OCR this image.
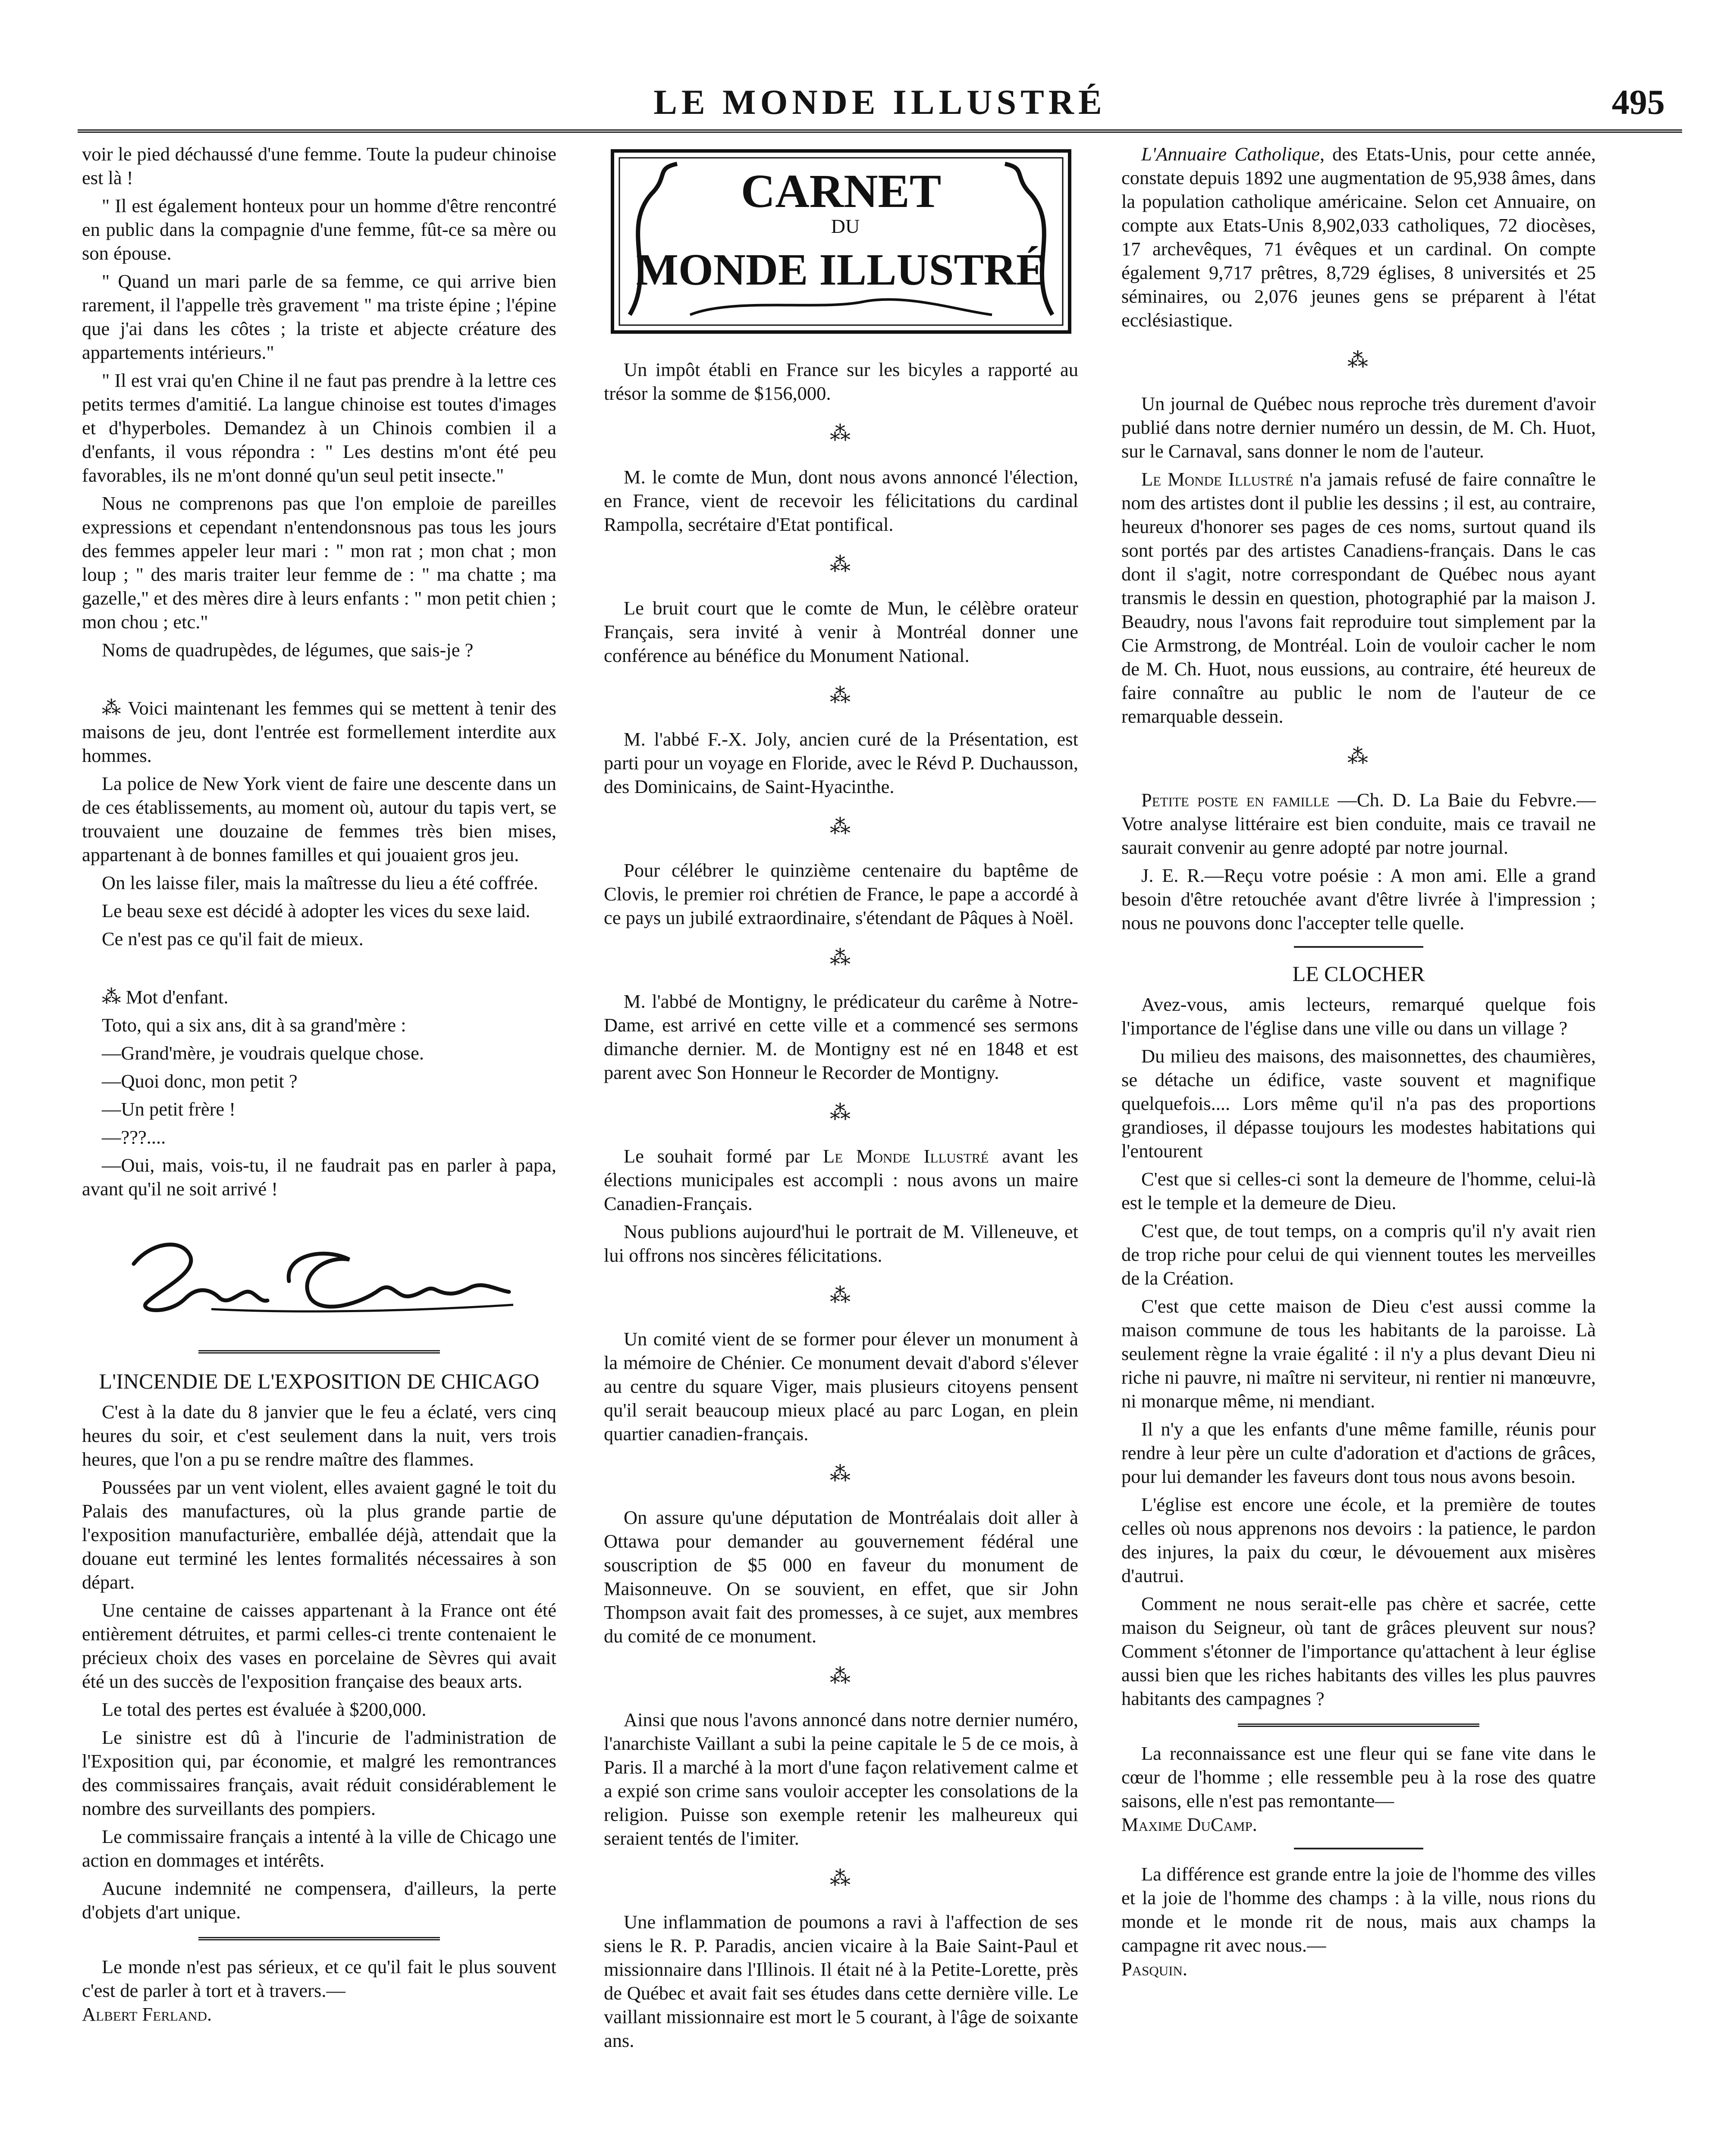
LE MONDE ILLUSTRÉ	495

voir le pied déchaussé d'une femme. Toute la pudeur chinoise est là !

" Il est également honteux pour un homme d'être rencontré en public dans la compagnie d'une femme, fût-ce sa mère ou son épouse.

" Quand un mari parle de sa femme, ce qui arrive bien rarement, il l'appelle très gravement " ma triste épine ; l'épine que j'ai dans les côtes ; la triste et abjecte créature des appartements intérieurs."

" Il est vrai qu'en Chine il ne faut pas prendre à la lettre ces petits termes d'amitié. La langue chinoise est toutes d'images et d'hyperboles. Demandez à un Chinois combien il a d'enfants, il vous répondra : " Les destins m'ont été peu favorables, ils ne m'ont donné qu'un seul petit insecte."

Nous ne comprenons pas que l'on emploie de pareilles expressions et cependant n'entendonsnous pas tous les jours des femmes appeler leur mari : " mon rat ; mon chat ; mon loup ; " des maris traiter leur femme de : " ma chatte ; ma gazelle," et des mères dire à leurs enfants : " mon petit chien ; mon chou ; etc."

Noms de quadrupèdes, de légumes, que sais-je ?

⁂ Voici maintenant les femmes qui se mettent à tenir des maisons de jeu, dont l'entrée est formellement interdite aux hommes.

La police de New York vient de faire une descente dans un de ces établissements, au moment où, autour du tapis vert, se trouvaient une douzaine de femmes très bien mises, appartenant à de bonnes familles et qui jouaient gros jeu.

On les laisse filer, mais la maîtresse du lieu a été coffrée.

Le beau sexe est décidé à adopter les vices du sexe laid.

Ce n'est pas ce qu'il fait de mieux.

⁂ Mot d'enfant.

Toto, qui a six ans, dit à sa grand'mère :

—Grand'mère, je voudrais quelque chose.

—Quoi donc, mon petit ?

—Un petit frère !

—???....

—Oui, mais, vois-tu, il ne faudrait pas en parler à papa, avant qu'il ne soit arrivé !

L'INCENDIE DE L'EXPOSITION DE CHICAGO

C'est à la date du 8 janvier que le feu a éclaté, vers cinq heures du soir, et c'est seulement dans la nuit, vers trois heures, que l'on a pu se rendre maître des flammes.

Poussées par un vent violent, elles avaient gagné le toit du Palais des manufactures, où la plus grande partie de l'exposition manufacturière, emballée déjà, attendait que la douane eut terminé les lentes formalités nécessaires à son départ.

Une centaine de caisses appartenant à la France ont été entièrement détruites, et parmi celles-ci trente contenaient le précieux choix des vases en porcelaine de Sèvres qui avait été un des succès de l'exposition française des beaux arts.

Le total des pertes est évaluée à $200,000.

Le sinistre est dû à l'incurie de l'administration de l'Exposition qui, par économie, et malgré les remontrances des commissaires français, avait réduit considérablement le nombre des surveillants des pompiers.

Le commissaire français a intenté à la ville de Chicago une action en dommages et intérêts.

Aucune indemnité ne compensera, d'ailleurs, la perte d'objets d'art unique.

Le monde n'est pas sérieux, et ce qu'il fait le plus souvent c'est de parler à tort et à travers.—
Albert Ferland.

CARNET
DU
MONDE ILLUSTRÉ

Un impôt établi en France sur les bicyles a rapporté au trésor la somme de $156,000.

⁂

M. le comte de Mun, dont nous avons annoncé l'élection, en France, vient de recevoir les félicitations du cardinal Rampolla, secrétaire d'Etat pontifical.

⁂

Le bruit court que le comte de Mun, le célèbre orateur Français, sera invité à venir à Montréal donner une conférence au bénéfice du Monument National.

⁂

M. l'abbé F.-X. Joly, ancien curé de la Présentation, est parti pour un voyage en Floride, avec le Révd P. Duchausson, des Dominicains, de Saint-Hyacinthe.

⁂

Pour célébrer le quinzième centenaire du baptême de Clovis, le premier roi chrétien de France, le pape a accordé à ce pays un jubilé extraordinaire, s'étendant de Pâques à Noël.

⁂

M. l'abbé de Montigny, le prédicateur du carême à Notre-Dame, est arrivé en cette ville et a commencé ses sermons dimanche dernier. M. de Montigny est né en 1848 et est parent avec Son Honneur le Recorder de Montigny.

⁂

Le souhait formé par Le Monde Illustré avant les élections municipales est accompli : nous avons un maire Canadien-Français.

Nous publions aujourd'hui le portrait de M. Villeneuve, et lui offrons nos sincères félicitations.

⁂

Un comité vient de se former pour élever un monument à la mémoire de Chénier. Ce monument devait d'abord s'élever au centre du square Viger, mais plusieurs citoyens pensent qu'il serait beaucoup mieux placé au parc Logan, en plein quartier canadien-français.

⁂

On assure qu'une députation de Montréalais doit aller à Ottawa pour demander au gouvernement fédéral une souscription de $5 000 en faveur du monument de Maisonneuve. On se souvient, en effet, que sir John Thompson avait fait des promesses, à ce sujet, aux membres du comité de ce monument.

⁂

Ainsi que nous l'avons annoncé dans notre dernier numéro, l'anarchiste Vaillant a subi la peine capitale le 5 de ce mois, à Paris. Il a marché à la mort d'une façon relativement calme et a expié son crime sans vouloir accepter les consolations de la religion. Puisse son exemple retenir les malheureux qui seraient tentés de l'imiter.

⁂

Une inflammation de poumons a ravi à l'affection de ses siens le R. P. Paradis, ancien vicaire à la Baie Saint-Paul et missionnaire dans l'Illinois. Il était né à la Petite-Lorette, près de Québec et avait fait ses études dans cette dernière ville. Le vaillant missionnaire est mort le 5 courant, à l'âge de soixante ans.

L'Annuaire Catholique, des Etats-Unis, pour cette année, constate depuis 1892 une augmentation de 95,938 âmes, dans la population catholique américaine. Selon cet Annuaire, on compte aux Etats-Unis 8,902,033 catholiques, 72 diocèses, 17 archevêques, 71 évêques et un cardinal. On compte également 9,717 prêtres, 8,729 églises, 8 universités et 25 séminaires, ou 2,076 jeunes gens se préparent à l'état ecclésiastique.

⁂

Un journal de Québec nous reproche très durement d'avoir publié dans notre dernier numéro un dessin, de M. Ch. Huot, sur le Carnaval, sans donner le nom de l'auteur.

Le Monde Illustré n'a jamais refusé de faire connaître le nom des artistes dont il publie les dessins ; il est, au contraire, heureux d'honorer ses pages de ces noms, surtout quand ils sont portés par des artistes Canadiens-français. Dans le cas dont il s'agit, notre correspondant de Québec nous ayant transmis le dessin en question, photographié par la maison J. Beaudry, nous l'avons fait reproduire tout simplement par la Cie Armstrong, de Montréal. Loin de vouloir cacher le nom de M. Ch. Huot, nous eussions, au contraire, été heureux de faire connaître au public le nom de l'auteur de ce remarquable dessein.

⁂

Petite poste en famille —Ch. D. La Baie du Febvre.—Votre analyse littéraire est bien conduite, mais ce travail ne saurait convenir au genre adopté par notre journal.

J. E. R.—Reçu votre poésie : A mon ami. Elle a grand besoin d'être retouchée avant d'être livrée à l'impression ; nous ne pouvons donc l'accepter telle quelle.

LE CLOCHER

Avez-vous, amis lecteurs, remarqué quelque fois l'importance de l'église dans une ville ou dans un village ?

Du milieu des maisons, des maisonnettes, des chaumières, se détache un édifice, vaste souvent et magnifique quelquefois.... Lors même qu'il n'a pas des proportions grandioses, il dépasse toujours les modestes habitations qui l'entourent

C'est que si celles-ci sont la demeure de l'homme, celui-là est le temple et la demeure de Dieu.

C'est que, de tout temps, on a compris qu'il n'y avait rien de trop riche pour celui de qui viennent toutes les merveilles de la Création.

C'est que cette maison de Dieu c'est aussi comme la maison commune de tous les habitants de la paroisse. Là seulement règne la vraie égalité : il n'y a plus devant Dieu ni riche ni pauvre, ni maître ni serviteur, ni rentier ni manœuvre, ni monarque même, ni mendiant.

Il n'y a que les enfants d'une même famille, réunis pour rendre à leur père un culte d'adoration et d'actions de grâces, pour lui demander les faveurs dont tous nous avons besoin.

L'église est encore une école, et la première de toutes celles où nous apprenons nos devoirs : la patience, le pardon des injures, la paix du cœur, le dévouement aux misères d'autrui.

Comment ne nous serait-elle pas chère et sacrée, cette maison du Seigneur, où tant de grâces pleuvent sur nous? Comment s'étonner de l'importance qu'attachent à leur église aussi bien que les riches habitants des villes les plus pauvres habitants des campagnes ?

La reconnaissance est une fleur qui se fane vite dans le cœur de l'homme ; elle ressemble peu à la rose des quatre saisons, elle n'est pas remontante—
Maxime DuCamp.

La différence est grande entre la joie de l'homme des villes et la joie de l'homme des champs : à la ville, nous rions du monde et le monde rit de nous, mais aux champs la campagne rit avec nous.—
Pasquin.
